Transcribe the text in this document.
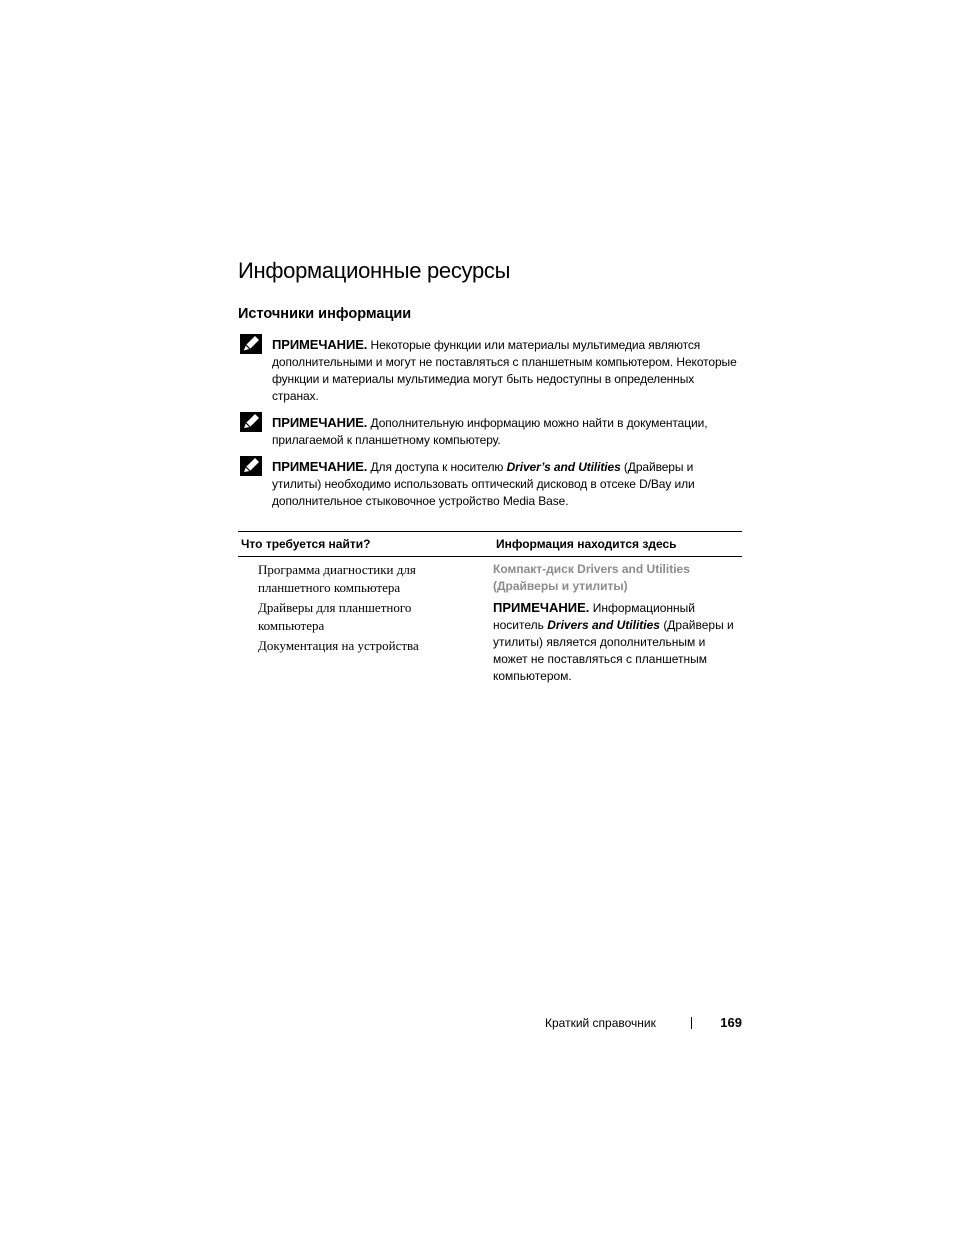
Информационные ресурсы
Источники информации
ПРИМЕЧАНИЕ. Некоторые функции или материалы мультимедиа являются дополнительными и могут не поставляться с планшетным компьютером. Некоторые функции и материалы мультимедиа могут быть недоступны в определенных странах.
ПРИМЕЧАНИЕ. Дополнительную информацию можно найти в документации, прилагаемой к планшетному компьютеру.
ПРИМЕЧАНИЕ. Для доступа к носителю Driver’s and Utilities (Драйверы и утилиты) необходимо использовать оптический дисковод в отсеке D/Bay или дополнительное стыковочное устройство Media Base.
Что требуется найти?	Информация находится здесь
Программа диагностики для планшетного компьютера
Драйверы для планшетного компьютера
Документация на устройства
Компакт-диск Drivers and Utilities (Драйверы и утилиты)
ПРИМЕЧАНИЕ. Информационный носитель Drivers and Utilities (Драйверы и утилиты) является дополнительным и может не поставляться с планшетным компьютером.
Краткий справочник	169
